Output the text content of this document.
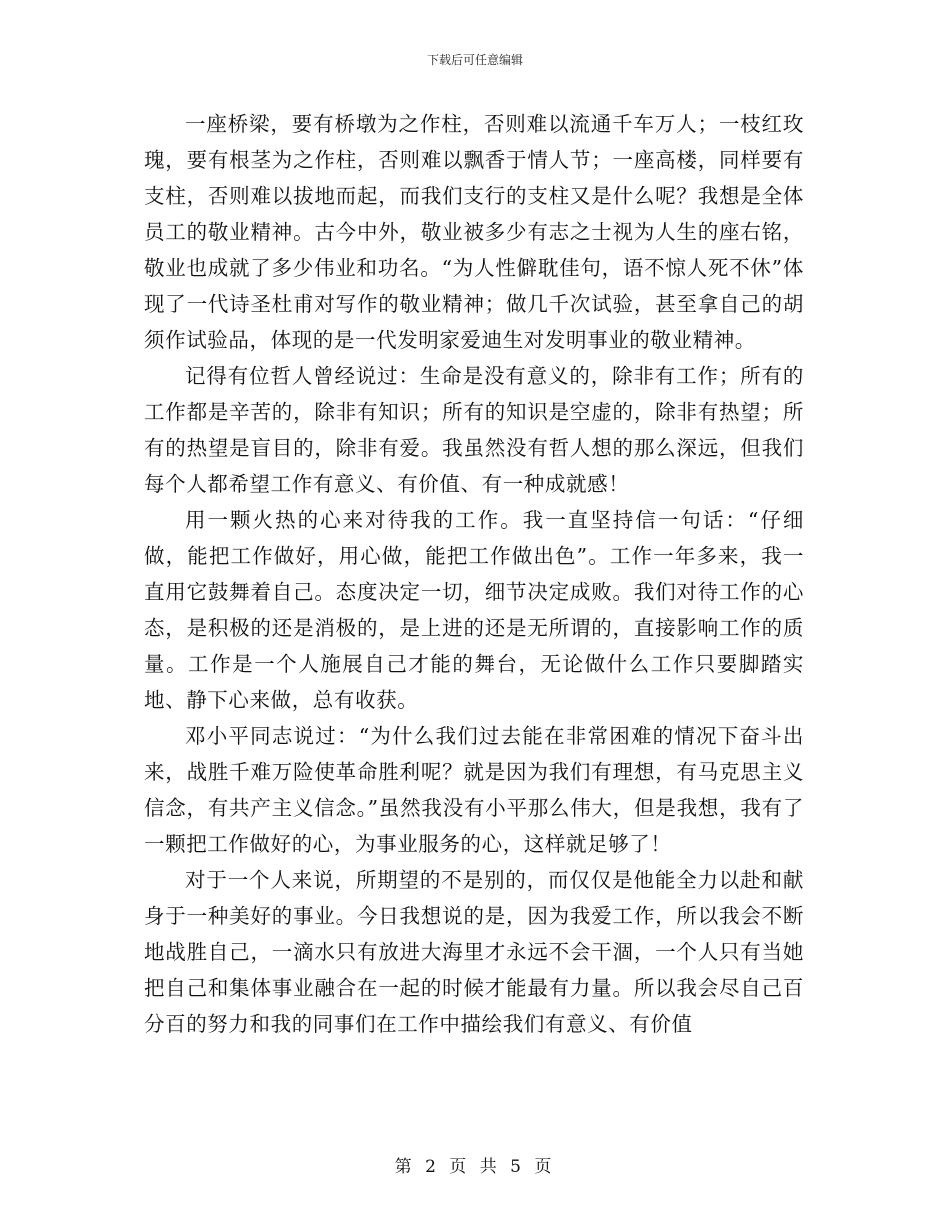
下载后可任意编辑

一座桥梁，要有桥墩为之作柱，否则难以流通千车万人；一枝红玫瑰，要有根茎为之作柱，否则难以飘香于情人节；一座高楼，同样要有支柱，否则难以拔地而起，而我们支行的支柱又是什么呢？我想是全体员工的敬业精神。古今中外，敬业被多少有志之士视为人生的座右铭，敬业也成就了多少伟业和功名。“为人性僻耽佳句，语不惊人死不休”体现了一代诗圣杜甫对写作的敬业精神；做几千次试验，甚至拿自己的胡须作试验品，体现的是一代发明家爱迪生对发明事业的敬业精神。

记得有位哲人曾经说过：生命是没有意义的，除非有工作；所有的工作都是辛苦的，除非有知识；所有的知识是空虚的，除非有热望；所有的热望是盲目的，除非有爱。我虽然没有哲人想的那么深远，但我们每个人都希望工作有意义、有价值、有一种成就感！

用一颗火热的心来对待我的工作。我一直坚持信一句话：“仔细做，能把工作做好，用心做，能把工作做出色”。工作一年多来，我一直用它鼓舞着自己。态度决定一切，细节决定成败。我们对待工作的心态，是积极的还是消极的，是上进的还是无所谓的，直接影响工作的质量。工作是一个人施展自己才能的舞台，无论做什么工作只要脚踏实地、静下心来做，总有收获。

邓小平同志说过：“为什么我们过去能在非常困难的情况下奋斗出来，战胜千难万险使革命胜利呢？就是因为我们有理想，有马克思主义信念，有共产主义信念。”虽然我没有小平那么伟大，但是我想，我有了一颗把工作做好的心，为事业服务的心，这样就足够了！

对于一个人来说，所期望的不是别的，而仅仅是他能全力以赴和献身于一种美好的事业。今日我想说的是，因为我爱工作，所以我会不断地战胜自己，一滴水只有放进大海里才永远不会干涸，一个人只有当她把自己和集体事业融合在一起的时候才能最有力量。所以我会尽自己百分百的努力和我的同事们在工作中描绘我们有意义、有价值

第 2 页 共 5 页
